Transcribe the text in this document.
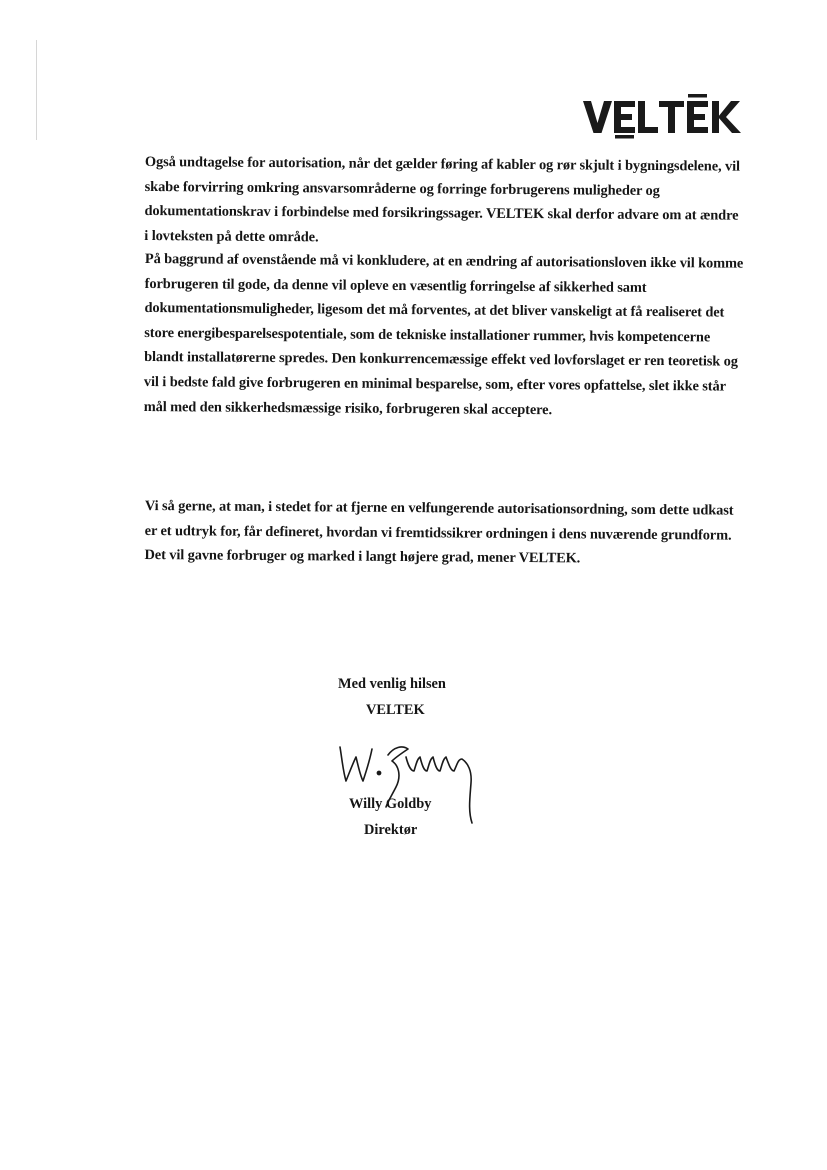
Også undtagelse for autorisation, når det gælder føring af kabler og rør skjult i bygningsdelene, vil skabe forvirring omkring ansvarsområderne og forringe forbrugerens muligheder og dokumentationskrav i forbindelse med forsikringssager. VELTEK skal derfor advare om at ændre i lovteksten på dette område.

På baggrund af ovenstående må vi konkludere, at en ændring af autorisationsloven ikke vil komme forbrugeren til gode, da denne vil opleve en væsentlig forringelse af sikkerhed samt dokumentationsmuligheder, ligesom det må forventes, at det bliver vanskeligt at få realiseret det store energibesparelsespotentiale, som de tekniske installationer rummer, hvis kompetencerne blandt installatørerne spredes. Den konkurrencemæssige effekt ved lovforslaget er ren teoretisk og vil i bedste fald give forbrugeren en minimal besparelse, som, efter vores opfattelse, slet ikke står mål med den sikkerhedsmæssige risiko, forbrugeren skal acceptere.

Vi så gerne, at man, i stedet for at fjerne en velfungerende autorisationsordning, som dette udkast er et udtryk for, får defineret, hvordan vi fremtidssikrer ordningen i dens nuværende grundform. Det vil gavne forbruger og marked i langt højere grad, mener VELTEK.

Med venlig hilsen
VELTEK
Willy Goldby
Direktør
